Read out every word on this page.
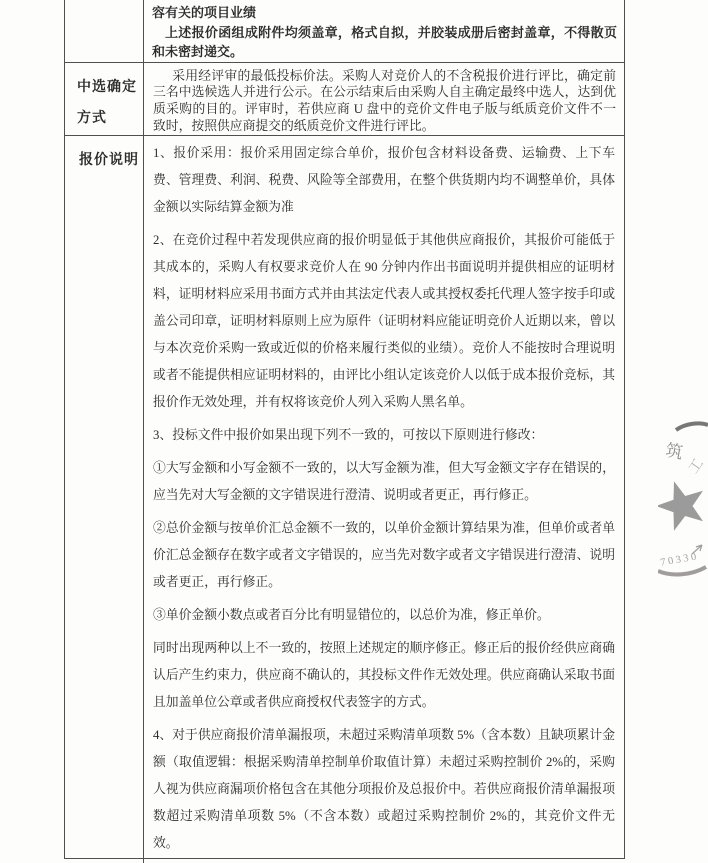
容有关的项目业绩

上述报价函组成附件均须盖章，格式自拟，并胶装成册后密封盖章，不得散页和未密封递交。

中选确定方式

采用经评审的最低投标价法。采购人对竞价人的不含税报价进行评比，确定前三名中选候选人并进行公示。在公示结束后由采购人自主确定最终中选人，达到优质采购的目的。评审时，若供应商 U 盘中的竞价文件电子版与纸质竞价文件不一致时，按照供应商提交的纸质竞价文件进行评比。

报价说明	1、报价采用：报价采用固定综合单价，报价包含材料设备费、运输费、上下车费、管理费、利润、税费、风险等全部费用，在整个供货期内均不调整单价，具体金额以实际结算金额为准

2、在竞价过程中若发现供应商的报价明显低于其他供应商报价，其报价可能低于其成本的，采购人有权要求竞价人在 90 分钟内作出书面说明并提供相应的证明材料，证明材料应采用书面方式并由其法定代表人或其授权委托代理人签字按手印或盖公司印章，证明材料原则上应为原件（证明材料应能证明竞价人近期以来，曾以与本次竞价采购一致或近似的价格来履行类似的业绩）。竞价人不能按时合理说明或者不能提供相应证明材料的，由评比小组认定该竞价人以低于成本报价竞标，其报价作无效处理，并有权将该竞价人列入采购人黑名单。

3、投标文件中报价如果出现下列不一致的，可按以下原则进行修改：

①大写金额和小写金额不一致的，以大写金额为准，但大写金额文字存在错误的，应当先对大写金额的文字错误进行澄清、说明或者更正，再行修正。

②总价金额与按单价汇总金额不一致的，以单价金额计算结果为准，但单价或者单价汇总金额存在数字或者文字错误的，应当先对数字或者文字错误进行澄清、说明或者更正，再行修正。

③单价金额小数点或者百分比有明显错位的，以总价为准，修正单价。

同时出现两种以上不一致的，按照上述规定的顺序修正。修正后的报价经供应商确认后产生约束力，供应商不确认的，其投标文件作无效处理。供应商确认采取书面且加盖单位公章或者供应商授权代表签字的方式。

4、对于供应商报价清单漏报项，未超过采购清单项数 5%（含本数）且缺项累计金额（取值逻辑：根据采购清单控制单价取值计算）未超过采购控制价 2%的，采购人视为供应商漏项价格包含在其他分项报价及总报价中。若供应商报价清单漏报项数超过采购清单项数 5%（不含本数）或超过采购控制价 2%的，其竞价文件无效。

筑
工
70330
